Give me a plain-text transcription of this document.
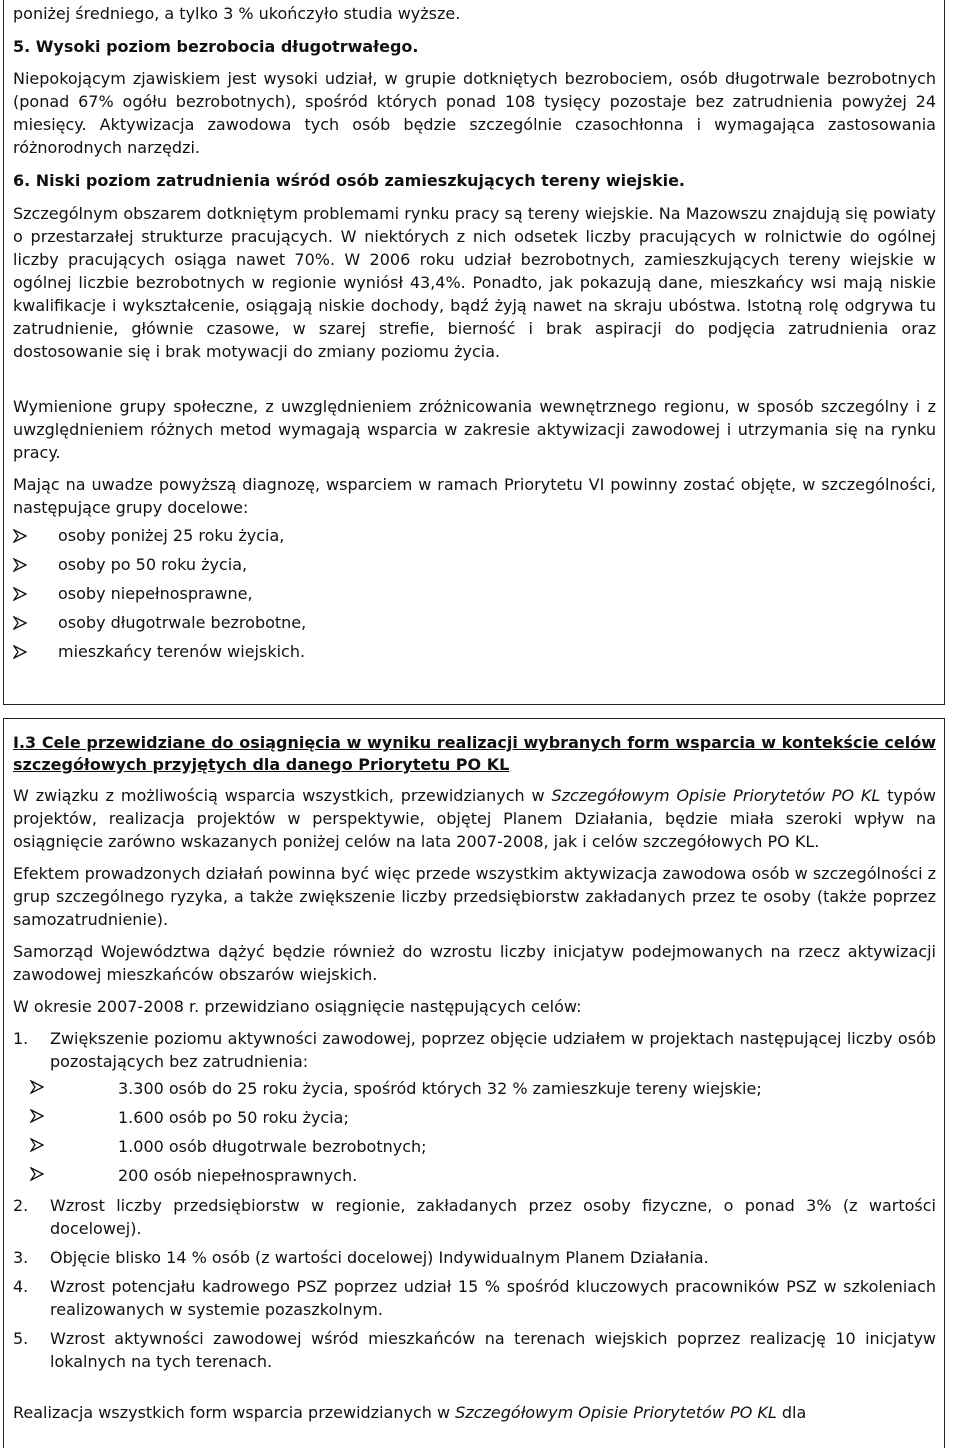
poniżej średniego, a tylko 3 % ukończyło studia wyższe.

5. Wysoki poziom bezrobocia długotrwałego.

Niepokojącym zjawiskiem jest wysoki udział, w grupie dotkniętych bezrobociem, osób długotrwale bezrobotnych (ponad 67% ogółu bezrobotnych), spośród których ponad 108 tysięcy pozostaje bez zatrudnienia powyżej 24 miesięcy. Aktywizacja zawodowa tych osób będzie szczególnie czasochłonna i wymagająca zastosowania różnorodnych narzędzi.

6. Niski poziom zatrudnienia wśród osób zamieszkujących tereny wiejskie.

Szczególnym obszarem dotkniętym problemami rynku pracy są tereny wiejskie. Na Mazowszu znajdują się powiaty o przestarzałej strukturze pracujących. W niektórych z nich odsetek liczby pracujących w rolnictwie do ogólnej liczby pracujących osiąga nawet 70%. W 2006 roku udział bezrobotnych, zamieszkujących tereny wiejskie w ogólnej liczbie bezrobotnych w regionie wyniósł 43,4%. Ponadto, jak pokazują dane, mieszkańcy wsi mają niskie kwalifikacje i wykształcenie, osiągają niskie dochody, bądź żyją nawet na skraju ubóstwa. Istotną rolę odgrywa tu zatrudnienie, głównie czasowe, w szarej strefie, bierność i brak aspiracji do podjęcia zatrudnienia oraz dostosowanie się i brak motywacji do zmiany poziomu życia.

Wymienione grupy społeczne, z uwzględnieniem zróżnicowania wewnętrznego regionu, w sposób szczególny i z uwzględnieniem różnych metod wymagają wsparcia w zakresie aktywizacji zawodowej i utrzymania się na rynku pracy.

Mając na uwadze powyższą diagnozę, wsparciem w ramach Priorytetu VI powinny zostać objęte, w szczególności, następujące grupy docelowe:

osoby poniżej 25 roku życia,
osoby po 50 roku życia,
osoby niepełnosprawne,
osoby długotrwale bezrobotne,
mieszkańcy terenów wiejskich.

I.3 Cele przewidziane do osiągnięcia w wyniku realizacji wybranych form wsparcia w kontekście celów szczegółowych przyjętych dla danego Priorytetu PO KL

W związku z możliwością wsparcia wszystkich, przewidzianych w Szczegółowym Opisie Priorytetów PO KL typów projektów, realizacja projektów w perspektywie, objętej Planem Działania, będzie miała szeroki wpływ na osiągnięcie zarówno wskazanych poniżej celów na lata 2007-2008, jak i celów szczegółowych PO KL.

Efektem prowadzonych działań powinna być więc przede wszystkim aktywizacja zawodowa osób w szczególności z grup szczególnego ryzyka, a także zwiększenie liczby przedsiębiorstw zakładanych przez te osoby (także poprzez samozatrudnienie).

Samorząd Województwa dążyć będzie również do wzrostu liczby inicjatyw podejmowanych na rzecz aktywizacji zawodowej mieszkańców obszarów wiejskich.

W okresie 2007-2008 r. przewidziano osiągnięcie następujących celów:

1. Zwiększenie poziomu aktywności zawodowej, poprzez objęcie udziałem w projektach następującej liczby osób pozostających bez zatrudnienia:

3.300 osób do 25 roku życia, spośród których 32 % zamieszkuje tereny wiejskie;
1.600 osób po 50 roku życia;
1.000 osób długotrwale bezrobotnych;
200 osób niepełnosprawnych.
2. Wzrost liczby przedsiębiorstw w regionie, zakładanych przez osoby fizyczne, o ponad 3% (z wartości docelowej).

3. Objęcie blisko 14 % osób (z wartości docelowej) Indywidualnym Planem Działania.

4. Wzrost potencjału kadrowego PSZ poprzez udział 15 % spośród kluczowych pracowników PSZ w szkoleniach realizowanych w systemie pozaszkolnym.

5. Wzrost aktywności zawodowej wśród mieszkańców na terenach wiejskich poprzez realizację 10 inicjatyw lokalnych na tych terenach.

Realizacja wszystkich form wsparcia przewidzianych w Szczegółowym Opisie Priorytetów PO KL dla
